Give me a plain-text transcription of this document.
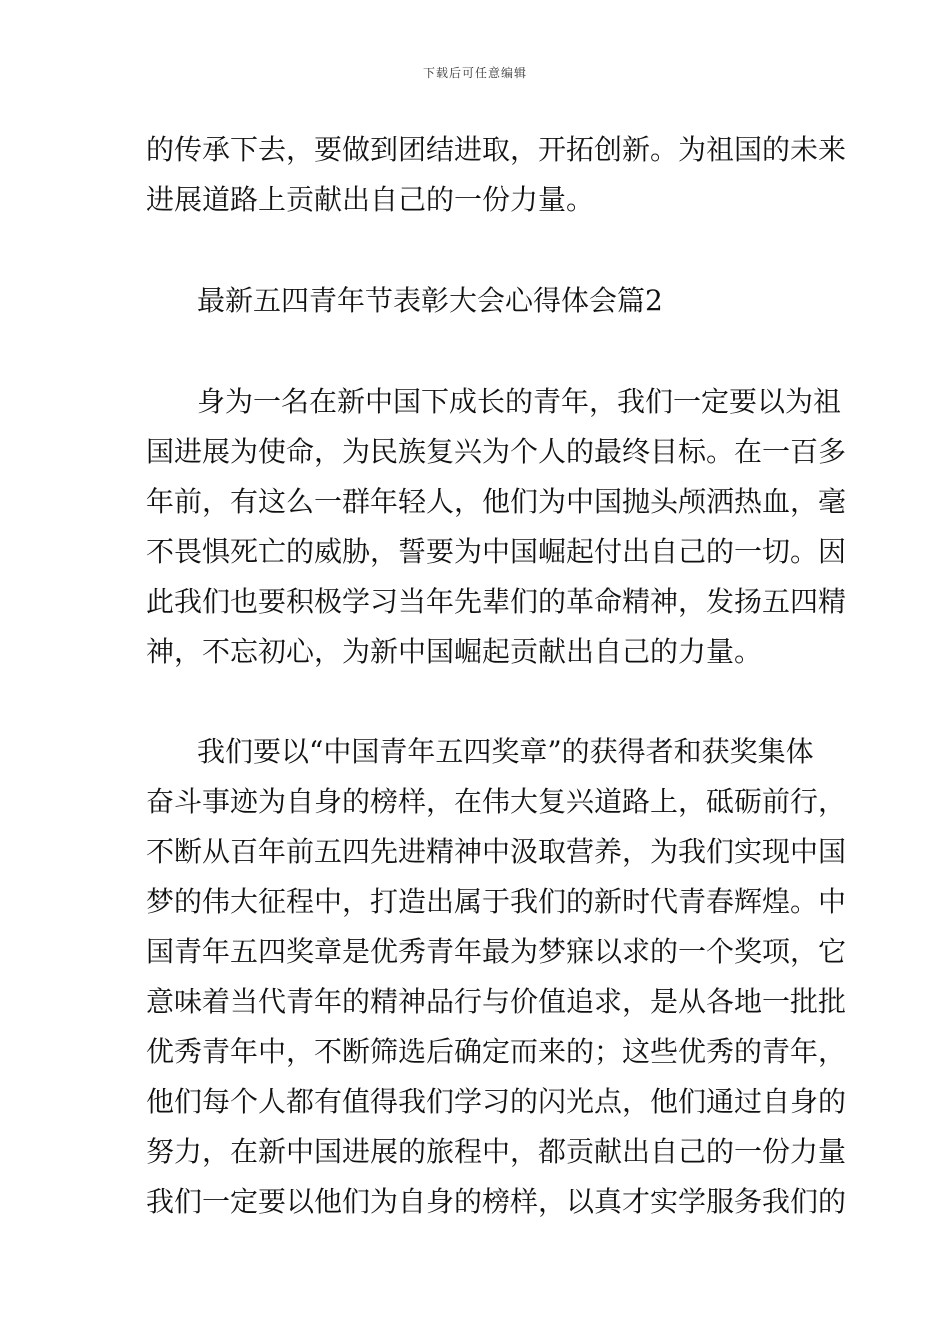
下载后可任意编辑
的传承下去，要做到团结进取，开拓创新。为祖国的未来
进展道路上贡献出自己的一份力量。
最新五四青年节表彰大会心得体会篇2
身为一名在新中国下成长的青年，我们一定要以为祖
国进展为使命，为民族复兴为个人的最终目标。在一百多
年前，有这么一群年轻人，他们为中国抛头颅洒热血，毫
不畏惧死亡的威胁，誓要为中国崛起付出自己的一切。因
此我们也要积极学习当年先辈们的革命精神，发扬五四精
神，不忘初心，为新中国崛起贡献出自己的力量。
我们要以“中国青年五四奖章”的获得者和获奖集体
奋斗事迹为自身的榜样，在伟大复兴道路上，砥砺前行，
不断从百年前五四先进精神中汲取营养，为我们实现中国
梦的伟大征程中，打造出属于我们的新时代青春辉煌。中
国青年五四奖章是优秀青年最为梦寐以求的一个奖项，它
意味着当代青年的精神品行与价值追求，是从各地一批批
优秀青年中，不断筛选后确定而来的；这些优秀的青年，
他们每个人都有值得我们学习的闪光点，他们通过自身的
努力，在新中国进展的旅程中，都贡献出自己的一份力量
我们一定要以他们为自身的榜样，以真才实学服务我们的
